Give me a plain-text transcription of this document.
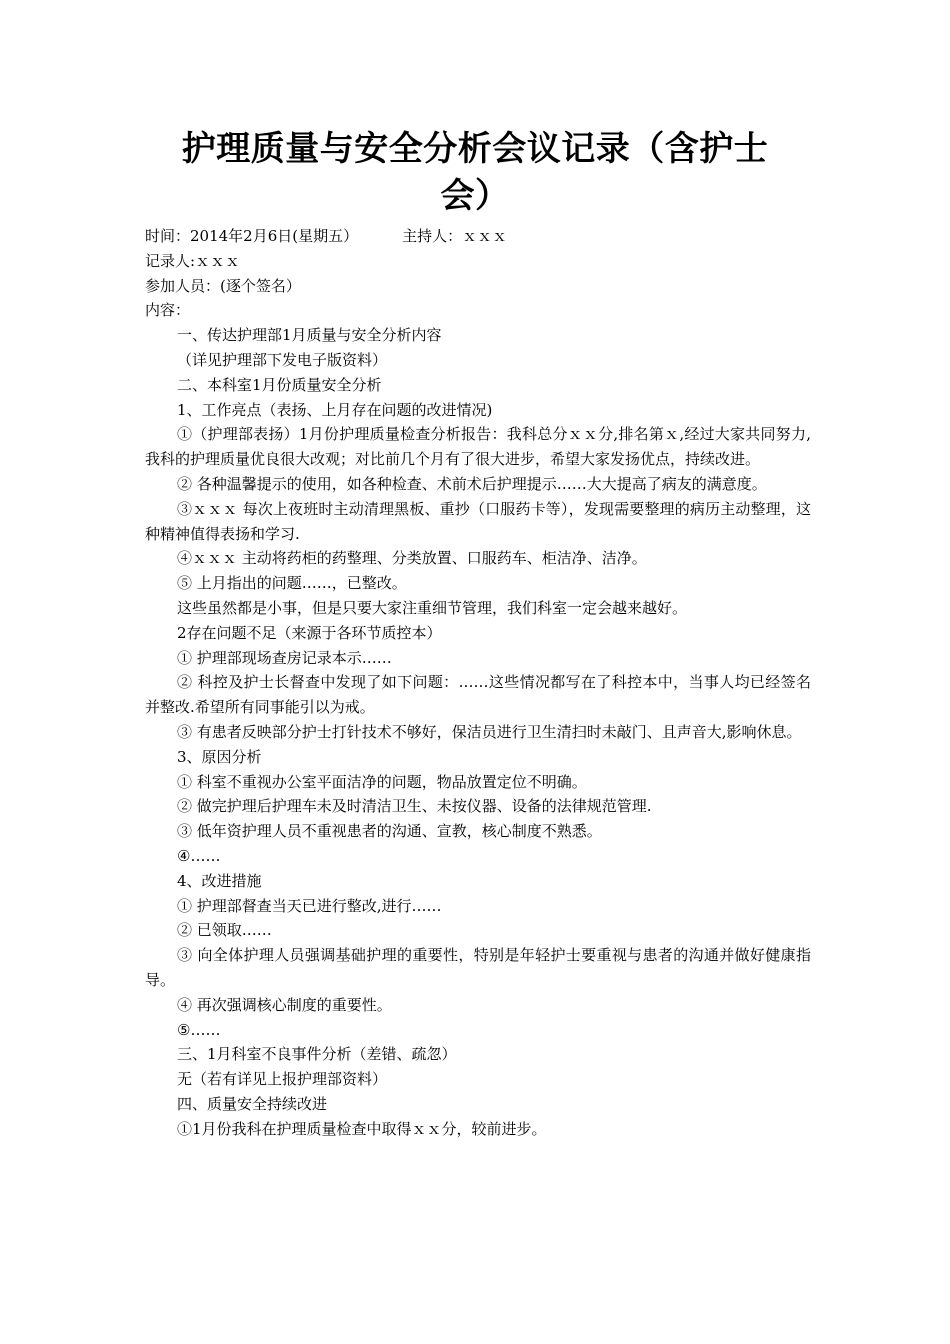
护理质量与安全分析会议记录（含护士
会）
时间：2014年2月6日(星期五）	主持人：ｘｘｘ
记录人:ｘｘｘ
参加人员：(逐个签名）
内容：
一、传达护理部1月质量与安全分析内容
（详见护理部下发电子版资料）
二、本科室1月份质量安全分析
1、工作亮点（表扬、上月存在问题的改进情况)
①（护理部表扬）1月份护理质量检查分析报告：我科总分ｘｘ分,排名第ｘ,经过大家共同努力,我科的护理质量优良很大改观；对比前几个月有了很大进步，希望大家发扬优点，持续改进。
② 各种温馨提示的使用，如各种检查、术前术后护理提示……大大提高了病友的满意度。
③ｘｘｘ 每次上夜班时主动清理黑板、重抄（口服药卡等），发现需要整理的病历主动整理，这种精神值得表扬和学习.
④ｘｘｘ 主动将药柜的药整理、分类放置、口服药车、柜洁净、洁净。
⑤ 上月指出的问题……，已整改。
这些虽然都是小事，但是只要大家注重细节管理，我们科室一定会越来越好。
2存在问题不足（来源于各环节质控本）
① 护理部现场查房记录本示……
② 科控及护士长督查中发现了如下问题：……这些情况都写在了科控本中，当事人均已经签名并整改.希望所有同事能引以为戒。
③ 有患者反映部分护士打针技术不够好，保洁员进行卫生清扫时未敲门、且声音大,影响休息。
3、原因分析
① 科室不重视办公室平面洁净的问题，物品放置定位不明确。
② 做完护理后护理车未及时清洁卫生、未按仪器、设备的法律规范管理.
③ 低年资护理人员不重视患者的沟通、宣教，核心制度不熟悉。
④……
4、改进措施
① 护理部督查当天已进行整改,进行……
② 已领取……
③ 向全体护理人员强调基础护理的重要性，特别是年轻护士要重视与患者的沟通并做好健康指导。
④ 再次强调核心制度的重要性。
⑤……
三、1月科室不良事件分析（差错、疏忽）
无（若有详见上报护理部资料）
四、质量安全持续改进
①1月份我科在护理质量检查中取得ｘｘ分，较前进步。
